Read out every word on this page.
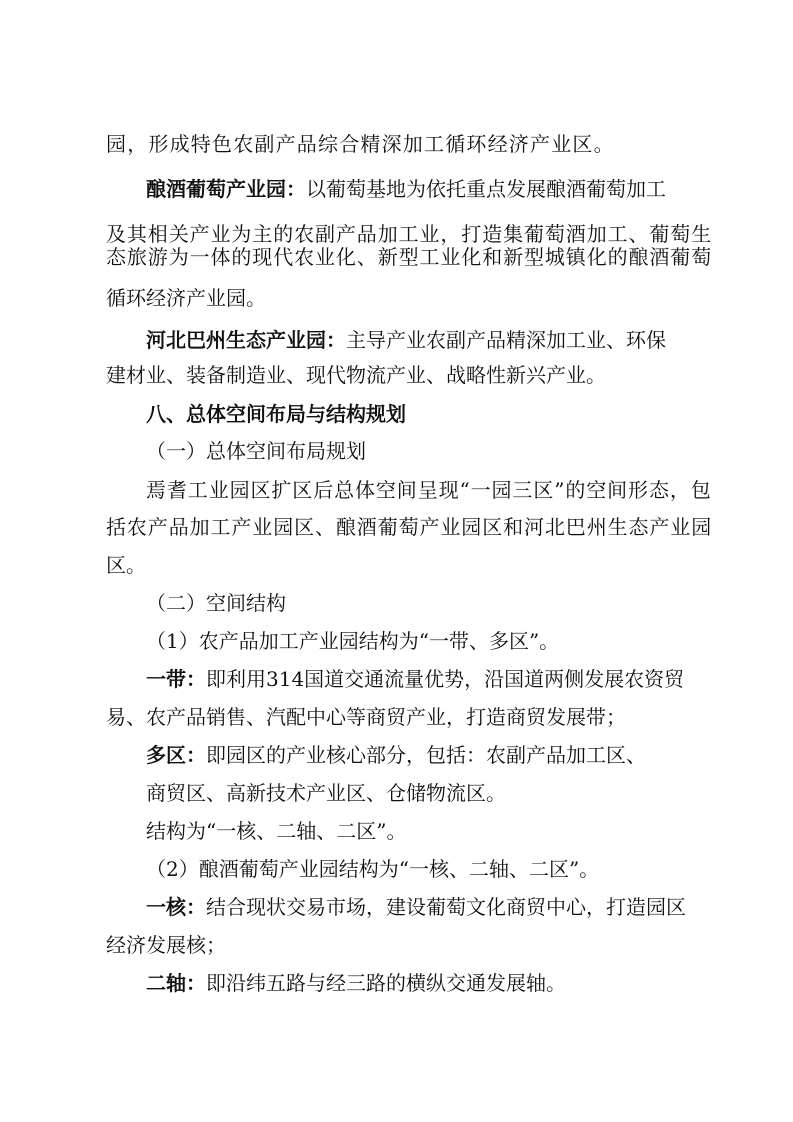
园，形成特色农副产品综合精深加工循环经济产业区。
酿酒葡萄产业园：以葡萄基地为依托重点发展酿酒葡萄加工
及其相关产业为主的农副产品加工业，打造集葡萄酒加工、葡萄生
态旅游为一体的现代农业化、新型工业化和新型城镇化的酿酒葡萄
循环经济产业园。
河北巴州生态产业园：主导产业农副产品精深加工业、环保
建材业、装备制造业、现代物流产业、战略性新兴产业。
八、总体空间布局与结构规划
（一）总体空间布局规划
焉耆工业园区扩区后总体空间呈现“一园三区”的空间形态，包
括农产品加工产业园区、酿酒葡萄产业园区和河北巴州生态产业园
区。
（二）空间结构
（1）农产品加工产业园结构为“一带、多区”。
一带：即利用314国道交通流量优势，沿国道两侧发展农资贸
易、农产品销售、汽配中心等商贸产业，打造商贸发展带；
多区：即园区的产业核心部分，包括：农副产品加工区、
商贸区、高新技术产业区、仓储物流区。
结构为“一核、二轴、二区”。
（2）酿酒葡萄产业园结构为“一核、二轴、二区”。
一核：结合现状交易市场，建设葡萄文化商贸中心，打造园区
经济发展核；
二轴：即沿纬五路与经三路的横纵交通发展轴。
